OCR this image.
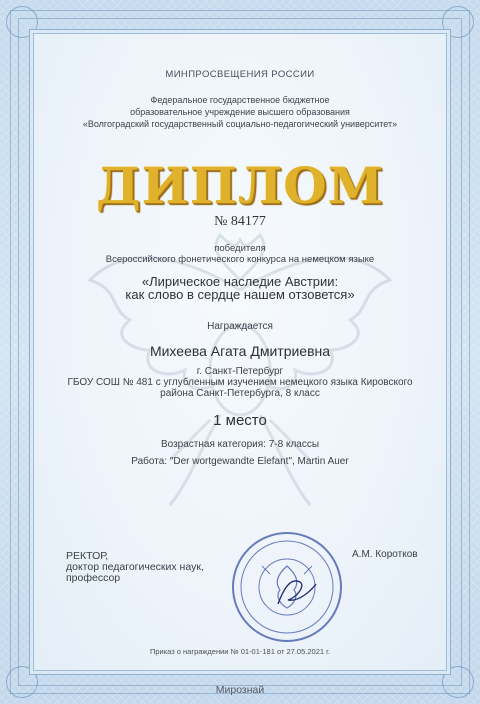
МИНПРОСВЕЩЕНИЯ РОССИИ
Федеральное государственное бюджетное
образовательное учреждение высшего образования
«Волгоградский государственный социально-педагогический университет»
ДИПЛОМ
№ 84177
победителя
Всероссийского фонетического конкурса на немецком языке
«Лирическое наследие Австрии:
как слово в сердце нашем отзовется»
Награждается
Михеева Агата Дмитриевна
г. Санкт-Петербург
ГБОУ СОШ № 481 с углубленным изучением немецкого языка Кировского
района Санкт-Петербурга, 8 класс
1 место
Возрастная категория: 7-8 классы
Работа: "Der wortgewandte Elefant", Martin Auer
РЕКТОР,
доктор педагогических наук,
профессор
А.М. Коротков
Приказ о награждении № 01-01-181 от 27.05.2021 г.
Мирознай
